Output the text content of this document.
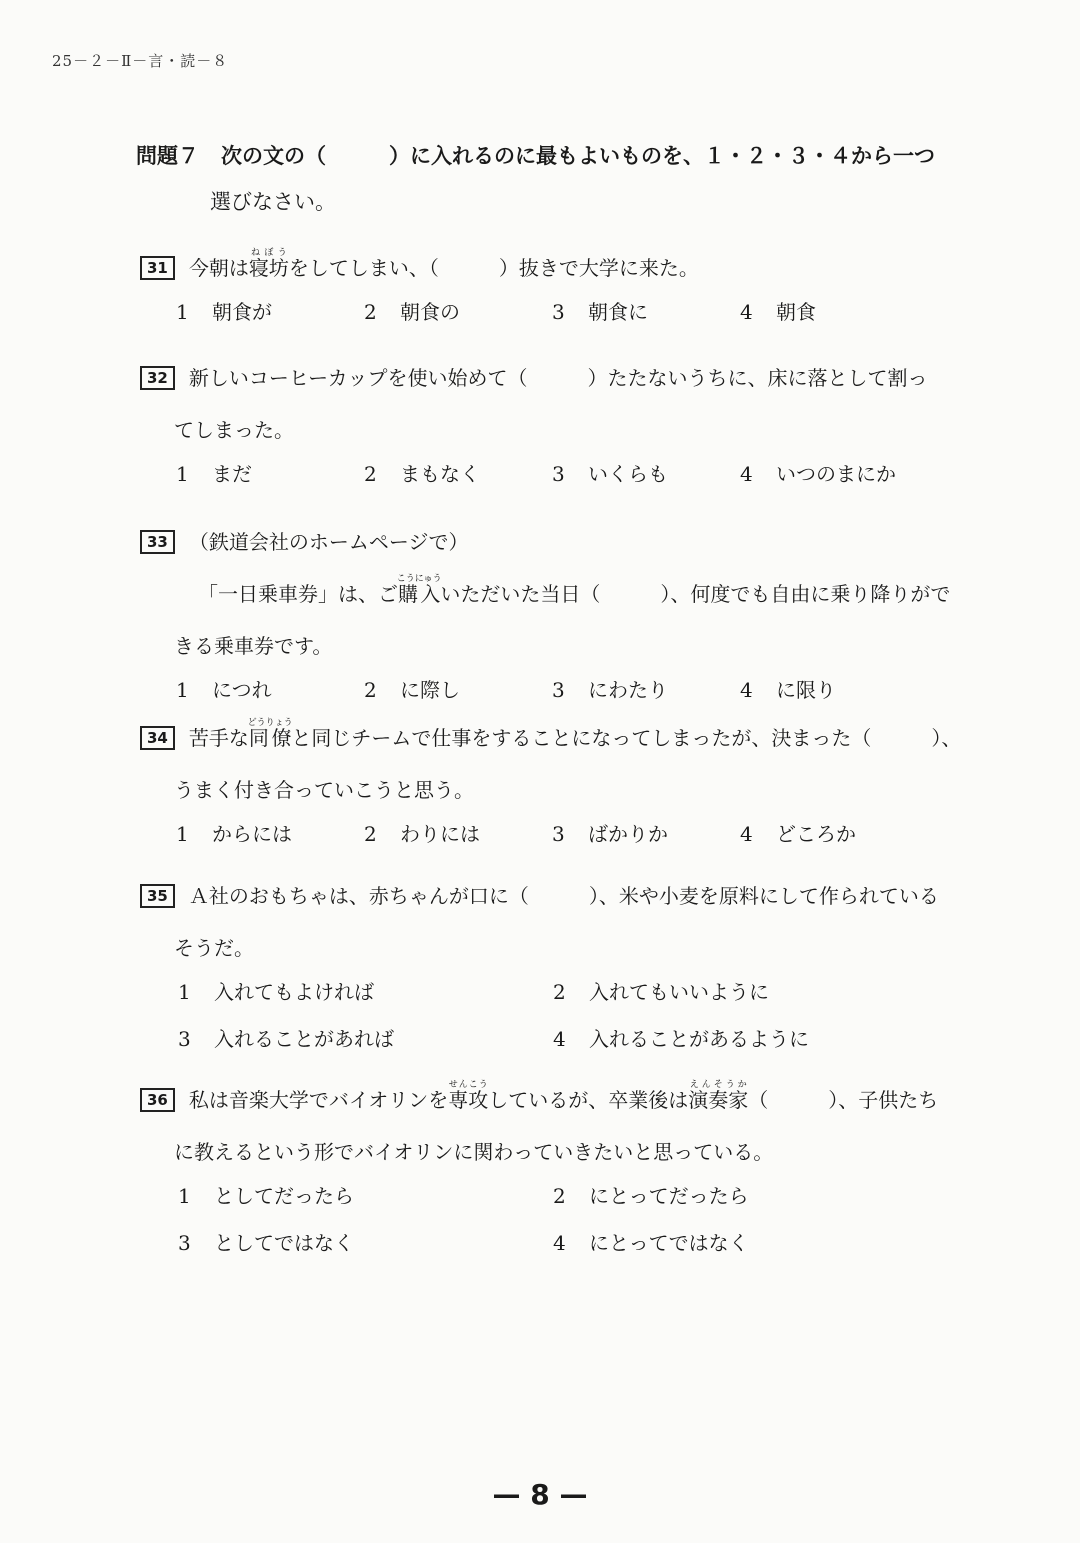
25－２－Ⅱ－言・読－８
問題７ 次の文の（　　　）に入れるのに最もよいものを、１・２・３・４から一つ
選びなさい。
31 今朝は寝坊ねぼうをしてしまい、（　　　）抜きで大学に来た。
1 朝食が	2 朝食の	3 朝食に	4 朝食
32 新しいコーヒーカップを使い始めて（　　　）たたないうちに、床に落として割っ
てしまった。
1 まだ	2 まもなく	3 いくらも	4 いつのまにか
33 （鉄道会社のホームページで）
「一日乗車券」は、ご購入こうにゅういただいた当日（　　　）、何度でも自由に乗り降りがで
きる乗車券です。
1 につれ	2 に際し	3 にわたり	4 に限り
34 苦手な同僚どうりょうと同じチームで仕事をすることになってしまったが、決まった（　　　）、
うまく付き合っていこうと思う。
1 からには	2 わりには	3 ばかりか	4 どころか
35 Ａ社のおもちゃは、赤ちゃんが口に（　　　）、米や小麦を原料にして作られている
そうだ。
1 入れてもよければ	2 入れてもいいように
3 入れることがあれば	4 入れることがあるように
36 私は音楽大学でバイオリンを専攻せんこうしているが、卒業後は演奏家えんそうか（　　　）、子供たち
に教えるという形でバイオリンに関わっていきたいと思っている。
1 としてだったら	2 にとってだったら
3 としてではなく	4 にとってではなく
— 8 —
